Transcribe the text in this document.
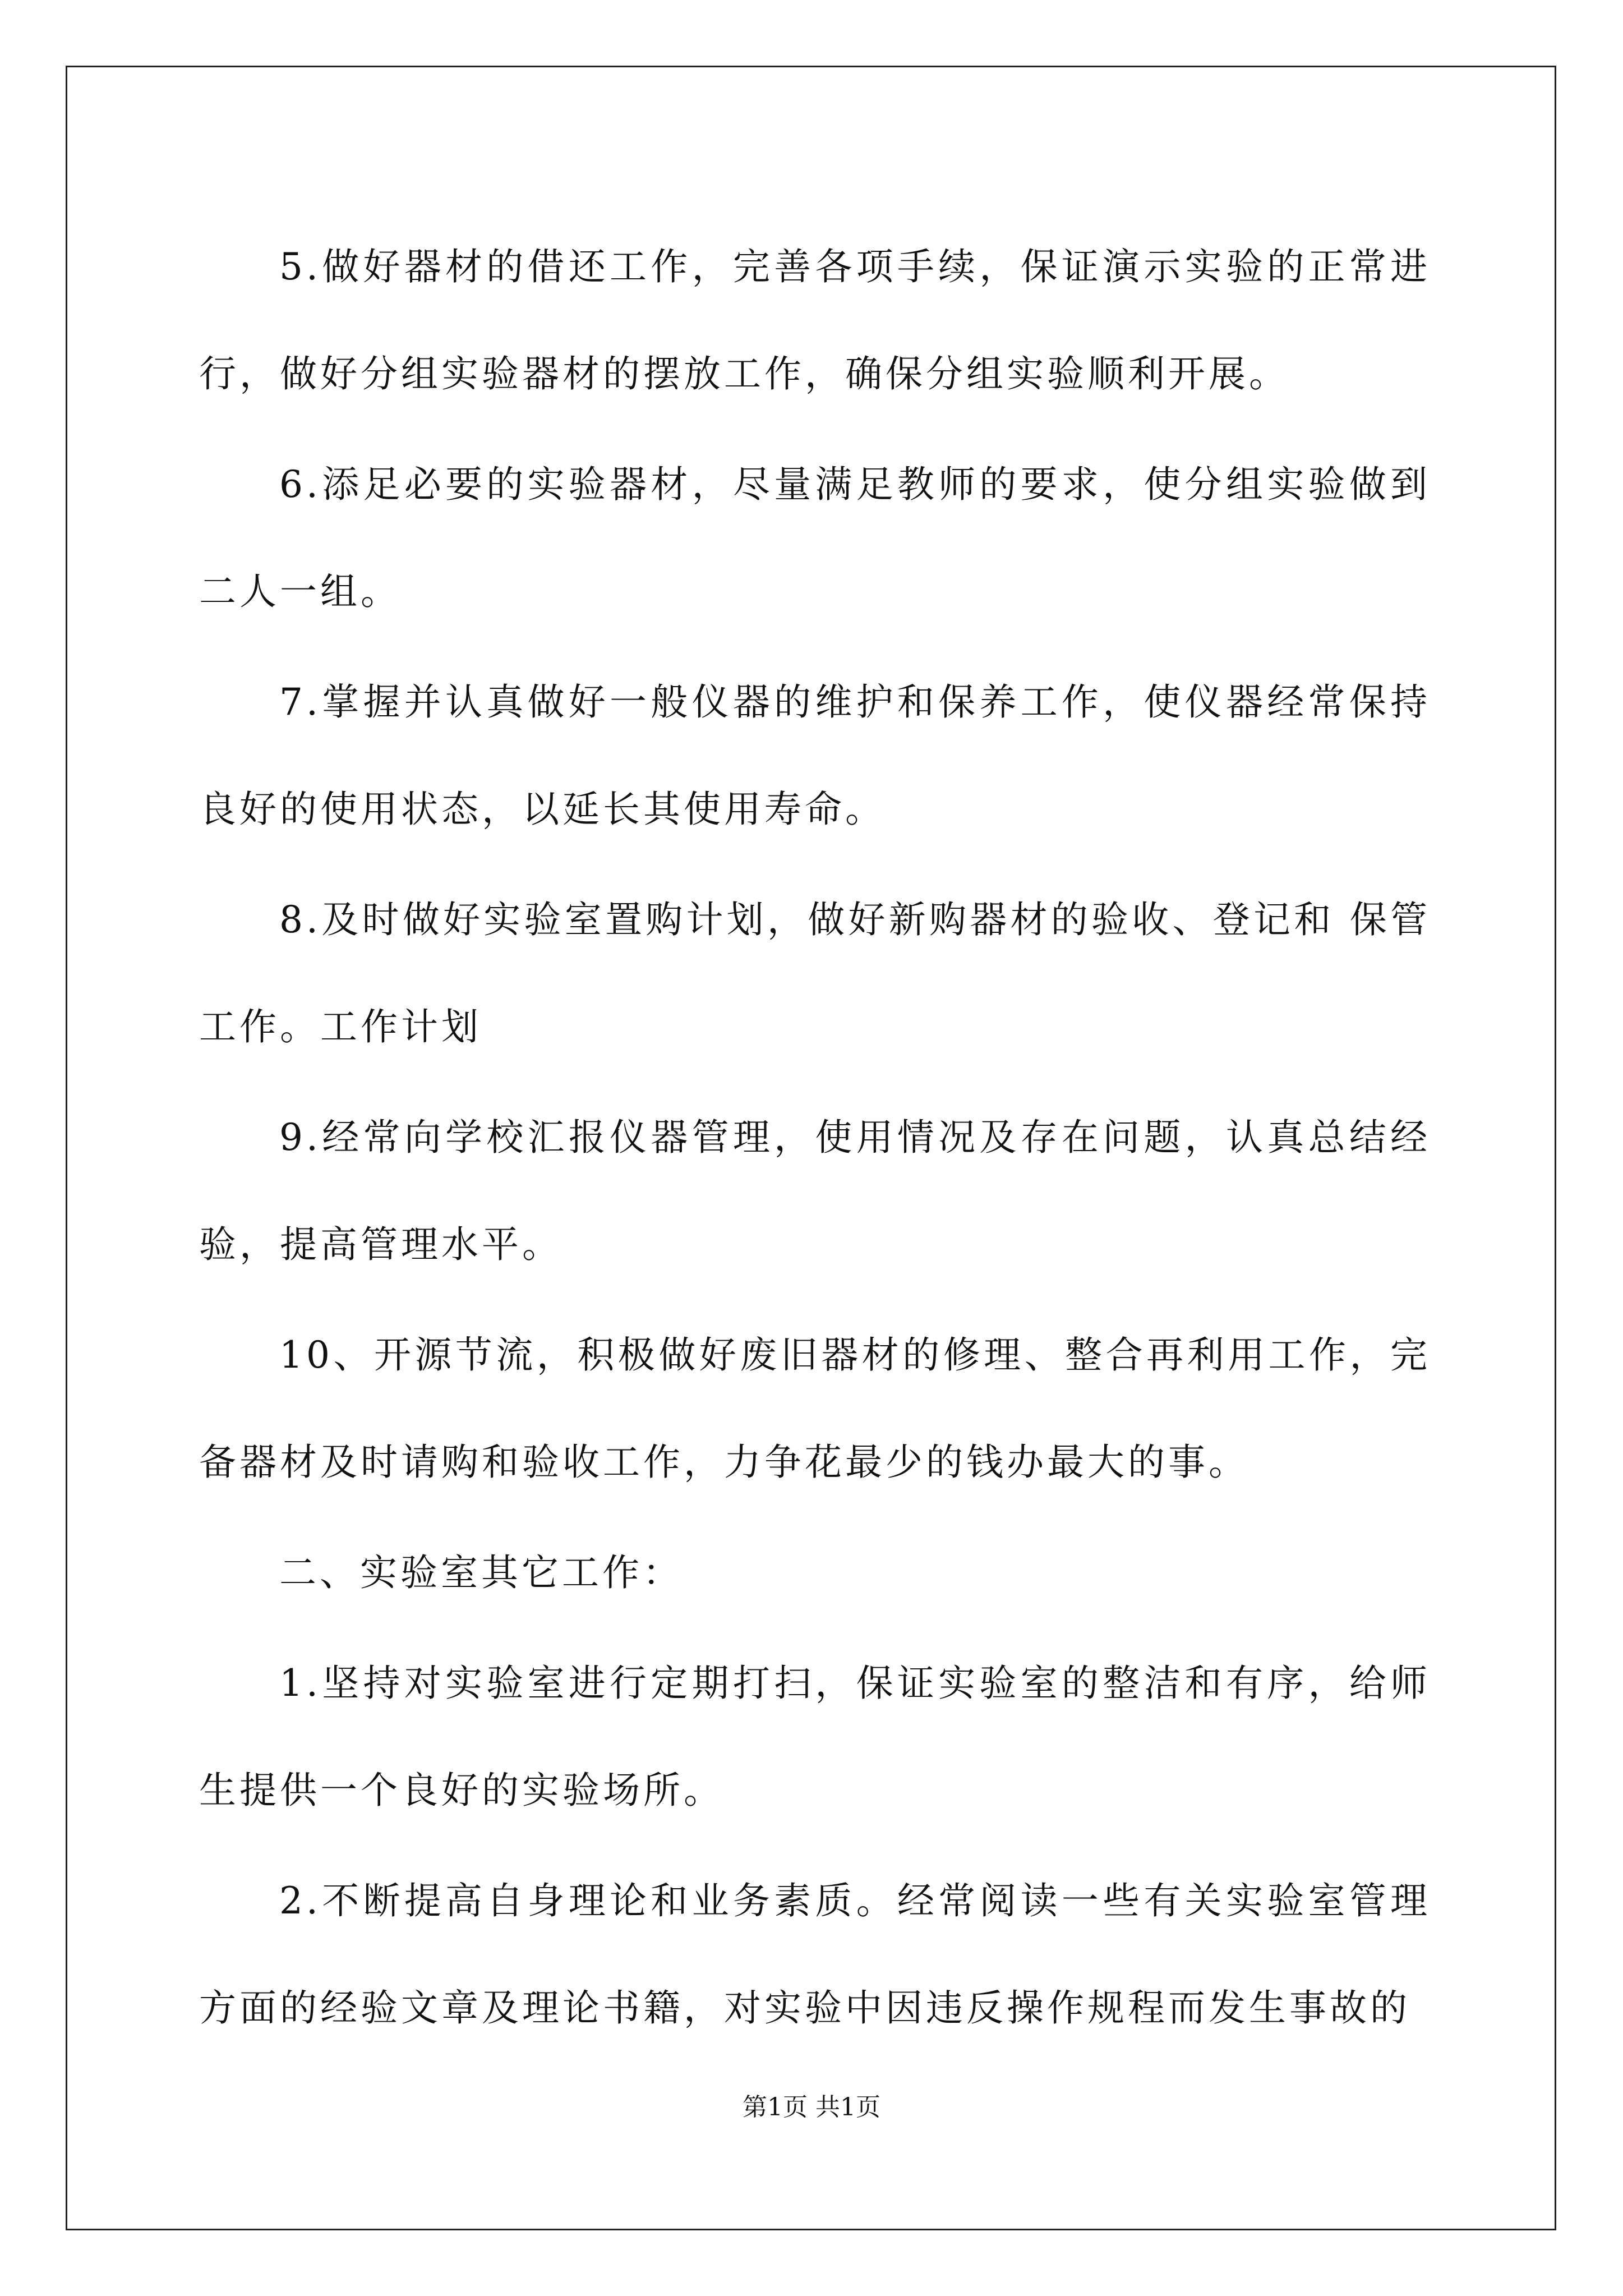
5.做好器材的借还工作，完善各项手续，保证演示实验的正常进行，做好分组实验器材的摆放工作，确保分组实验顺利开展。

6.添足必要的实验器材，尽量满足教师的要求，使分组实验做到二人一组。

7.掌握并认真做好一般仪器的维护和保养工作，使仪器经常保持良好的使用状态，以延长其使用寿命。

8.及时做好实验室置购计划，做好新购器材的验收、登记和 保管工作。工作计划

9.经常向学校汇报仪器管理，使用情况及存在问题，认真总结经验，提高管理水平。

10、开源节流，积极做好废旧器材的修理、整合再利用工作，完备器材及时请购和验收工作，力争花最少的钱办最大的事。

二、实验室其它工作：

1.坚持对实验室进行定期打扫，保证实验室的整洁和有序，给师生提供一个良好的实验场所。

2.不断提高自身理论和业务素质。经常阅读一些有关实验室管理方面的经验文章及理论书籍，对实验中因违反操作规程而发生事故的

第1页 共1页
